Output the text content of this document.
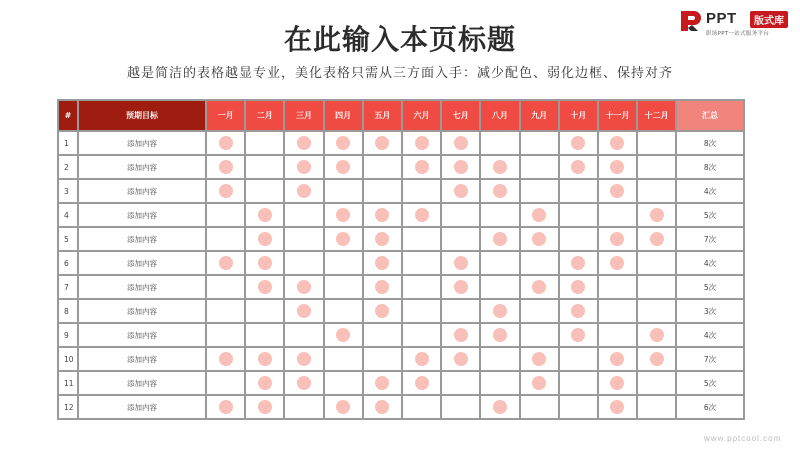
在此输入本页标题
越是简洁的表格越显专业，美化表格只需从三方面入手：减少配色、弱化边框、保持对齐
PPT	版式库
职场PPT一站式服务平台
#	预期目标	一月	二月	三月	四月	五月	六月	七月	八月	九月	十月	十一月	十二月	汇总
1	添加内容													8次
2	添加内容													8次
3	添加内容													4次
4	添加内容													5次
5	添加内容													7次
6	添加内容													4次
7	添加内容													5次
8	添加内容													3次
9	添加内容													4次
10	添加内容													7次
11	添加内容													5次
12	添加内容													6次
www.pptcool.com
